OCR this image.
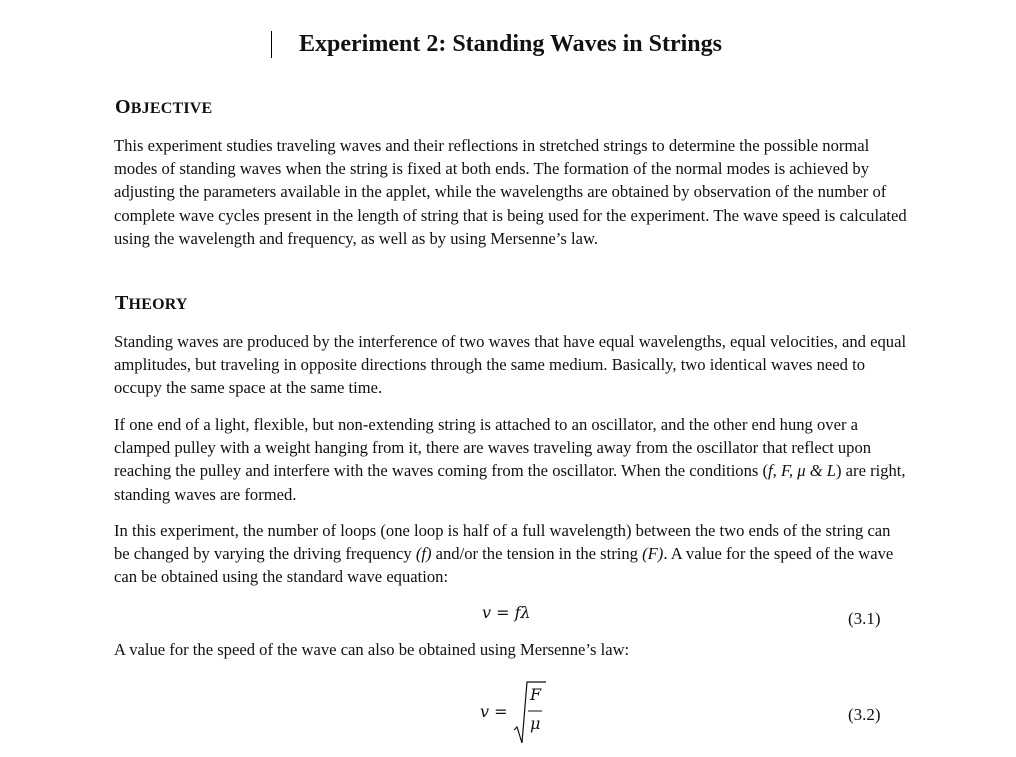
Experiment 2: Standing Waves in Strings
OBJECTIVE

This experiment studies traveling waves and their reflections in stretched strings to determine the possible normal modes of standing waves when the string is fixed at both ends. The formation of the normal modes is achieved by adjusting the parameters available in the applet, while the wavelengths are obtained by observation of the number of complete wave cycles present in the length of string that is being used for the experiment. The wave speed is calculated using the wavelength and frequency, as well as by using Mersenne’s law.

THEORY

Standing waves are produced by the interference of two waves that have equal wavelengths, equal velocities, and equal amplitudes, but traveling in opposite directions through the same medium. Basically, two identical waves need to occupy the same space at the same time.

If one end of a light, flexible, but non-extending string is attached to an oscillator, and the other end hung over a clamped pulley with a weight hanging from it, there are waves traveling away from the oscillator that reflect upon reaching the pulley and interfere with the waves coming from the oscillator. When the conditions (f, F, μ & L) are right, standing waves are formed.

In this experiment, the number of loops (one loop is half of a full wavelength) between the two ends of the string can be changed by varying the driving frequency (f) and/or the tension in the string (F). A value for the speed of the wave can be obtained using the standard wave equation:

v = fλ	(3.1)

A value for the speed of the wave can also be obtained using Mersenne’s law:

v =
F
μ	(3.2)
